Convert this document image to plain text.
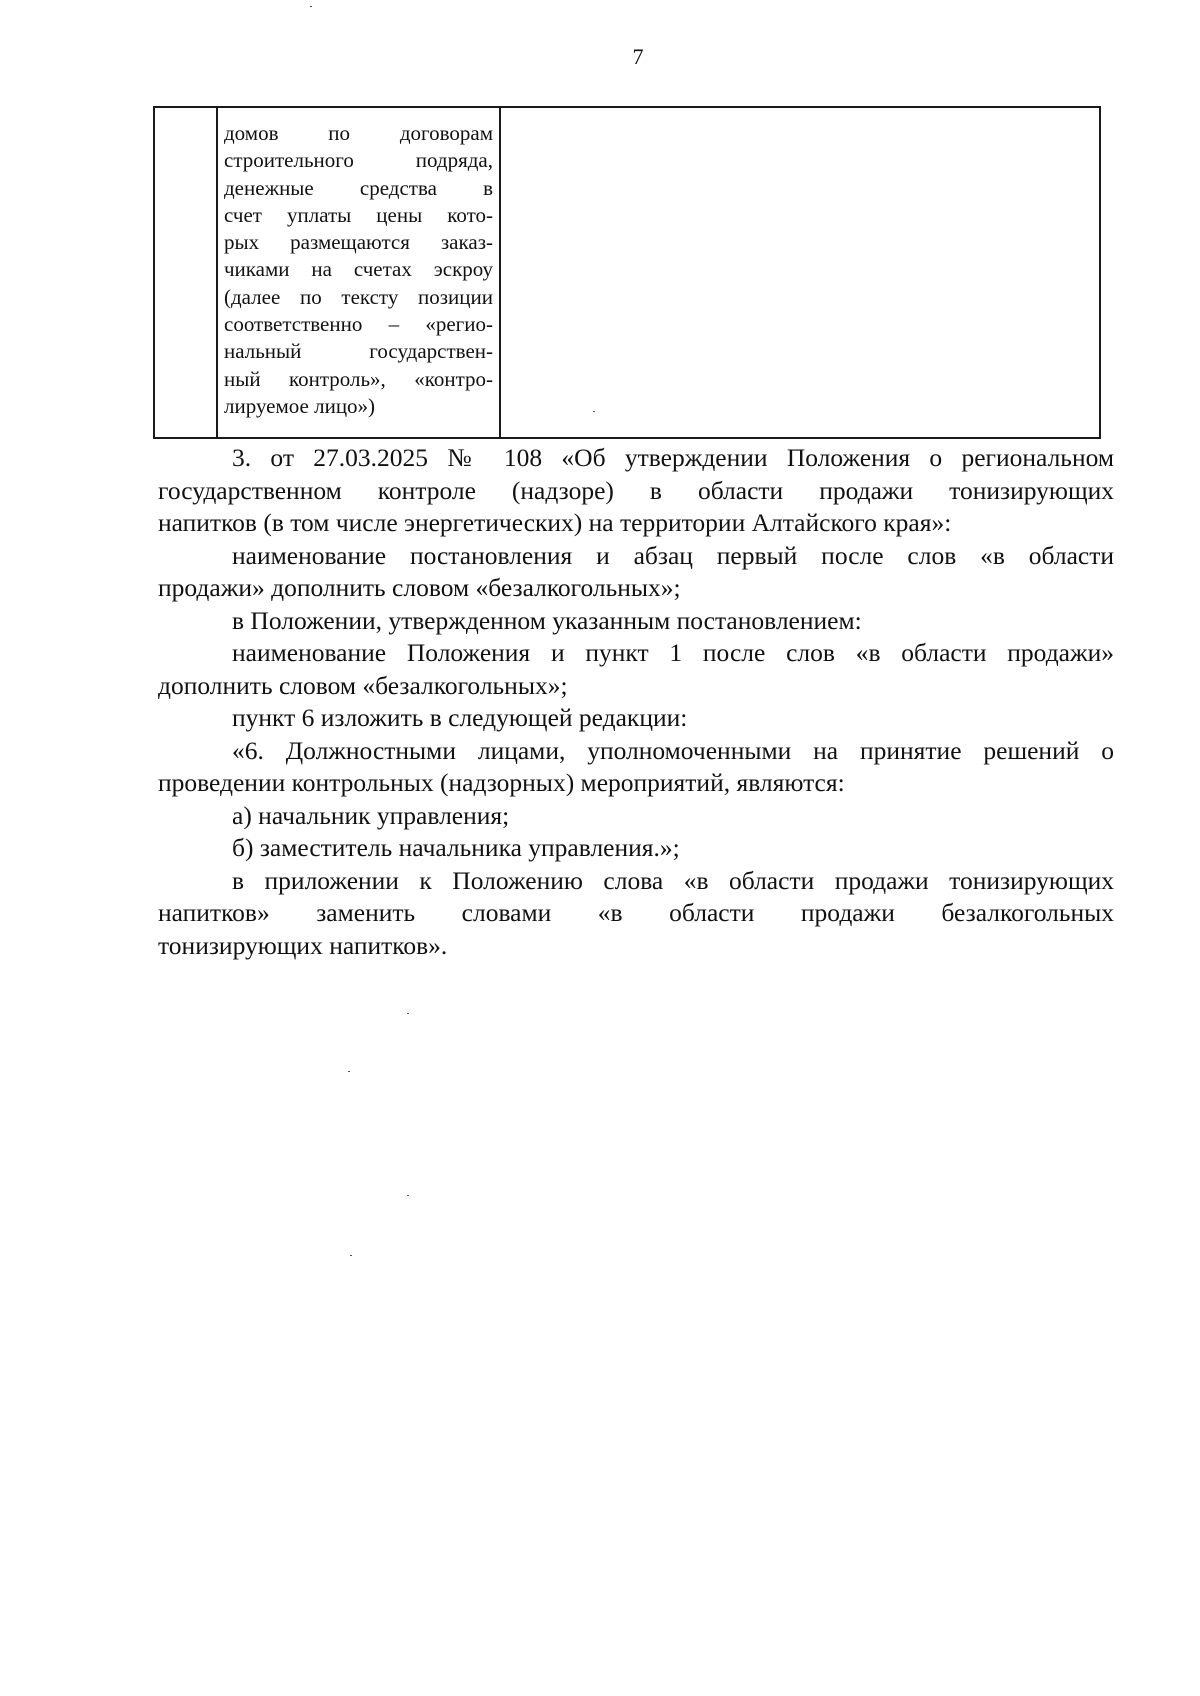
7
домов по договорам
строительного подряда,
денежные средства в
счет уплаты цены кото-
рых размещаются заказ-
чиками на счетах эскроу
(далее по тексту позиции
соответственно – «регио-
нальный государствен-
ный контроль», «контро-
лируемое лицо»)
3. от 27.03.2025 № 108 «Об утверждении Положения о региональном
государственном контроле (надзоре) в области продажи тонизирующих
напитков (в том числе энергетических) на территории Алтайского края»:
наименование постановления и абзац первый после слов «в области
продажи» дополнить словом «безалкогольных»;
в Положении, утвержденном указанным постановлением:
наименование Положения и пункт 1 после слов «в области продажи»
дополнить словом «безалкогольных»;
пункт 6 изложить в следующей редакции:
«6. Должностными лицами, уполномоченными на принятие решений о
проведении контрольных (надзорных) мероприятий, являются:
а) начальник управления;
б) заместитель начальника управления.»;
в приложении к Положению слова «в области продажи тонизирующих
напитков» заменить словами «в области продажи безалкогольных
тонизирующих напитков».
